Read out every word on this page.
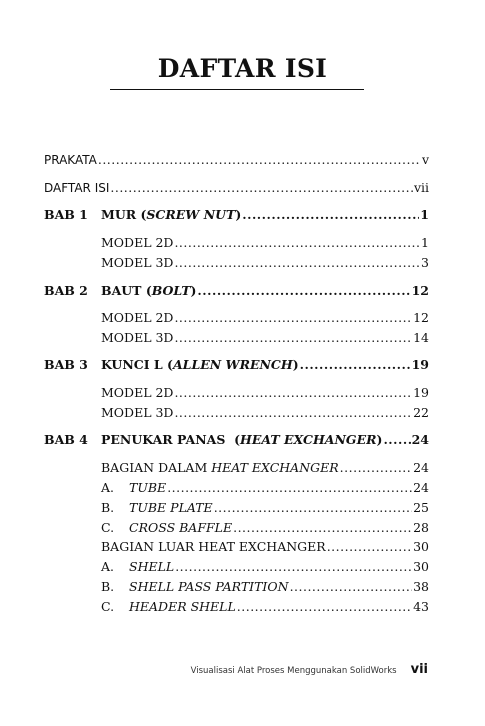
DAFTAR ISI
PRAKATA .....	v
DAFTAR ISI .....	vii
BAB 1 MUR (SCREW NUT) .....	1
MODEL 2D .....	1
MODEL 3D .....	3
BAB 2 BAUT (BOLT) .....	12
MODEL 2D .....	12
MODEL 3D .....	14
BAB 3 KUNCI L (ALLEN WRENCH) .....	19
MODEL 2D .....	19
MODEL 3D .....	22
BAB 4 PENUKAR PANAS  (HEAT EXCHANGER) ..... 24
BAGIAN DALAM HEAT EXCHANGER .....	24
A. TUBE .....	24
B. TUBE PLATE .....	25
C. CROSS BAFFLE .....	28
BAGIAN LUAR HEAT EXCHANGER .....	30
A. SHELL .....	30
B. SHELL PASS PARTITION .....	38
C. HEADER SHELL .....	43
Visualisasi Alat Proses Menggunakan SolidWorks vii
